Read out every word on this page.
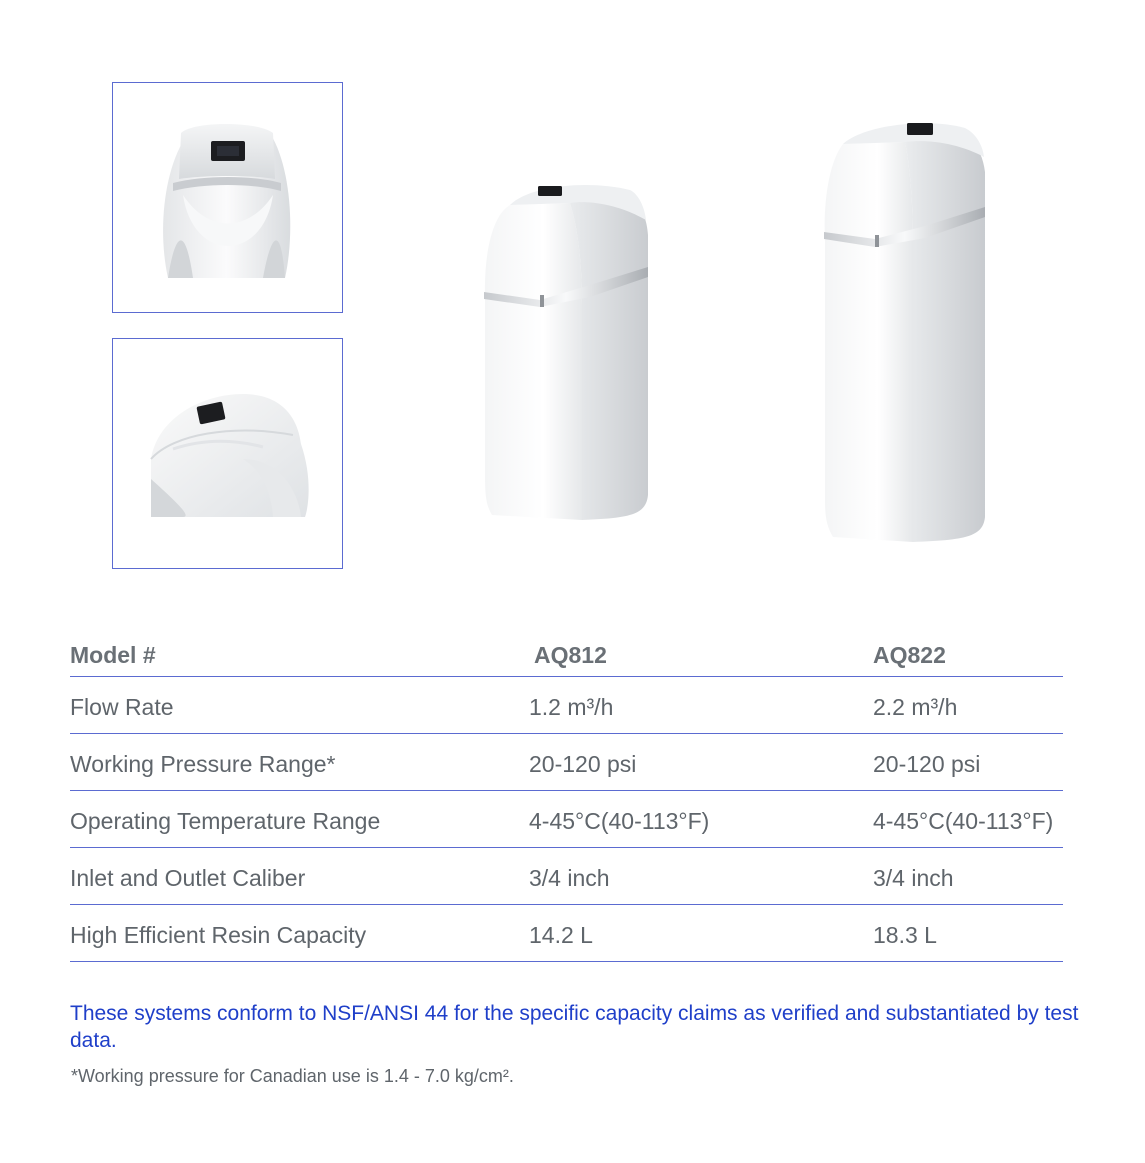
Model #	AQ812	AQ822
Flow Rate	1.2 m³/h	2.2 m³/h
Working Pressure Range*	20-120 psi	20-120 psi
Operating Temperature Range	4-45°C(40-113°F)	4-45°C(40-113°F)
Inlet and Outlet Caliber	3/4 inch	3/4 inch
High Efficient Resin Capacity	14.2 L	18.3 L

These systems conform to NSF/ANSI 44 for the specific capacity claims as verified and substantiated by test data.

*Working pressure for Canadian use is 1.4 - 7.0 kg/cm².
